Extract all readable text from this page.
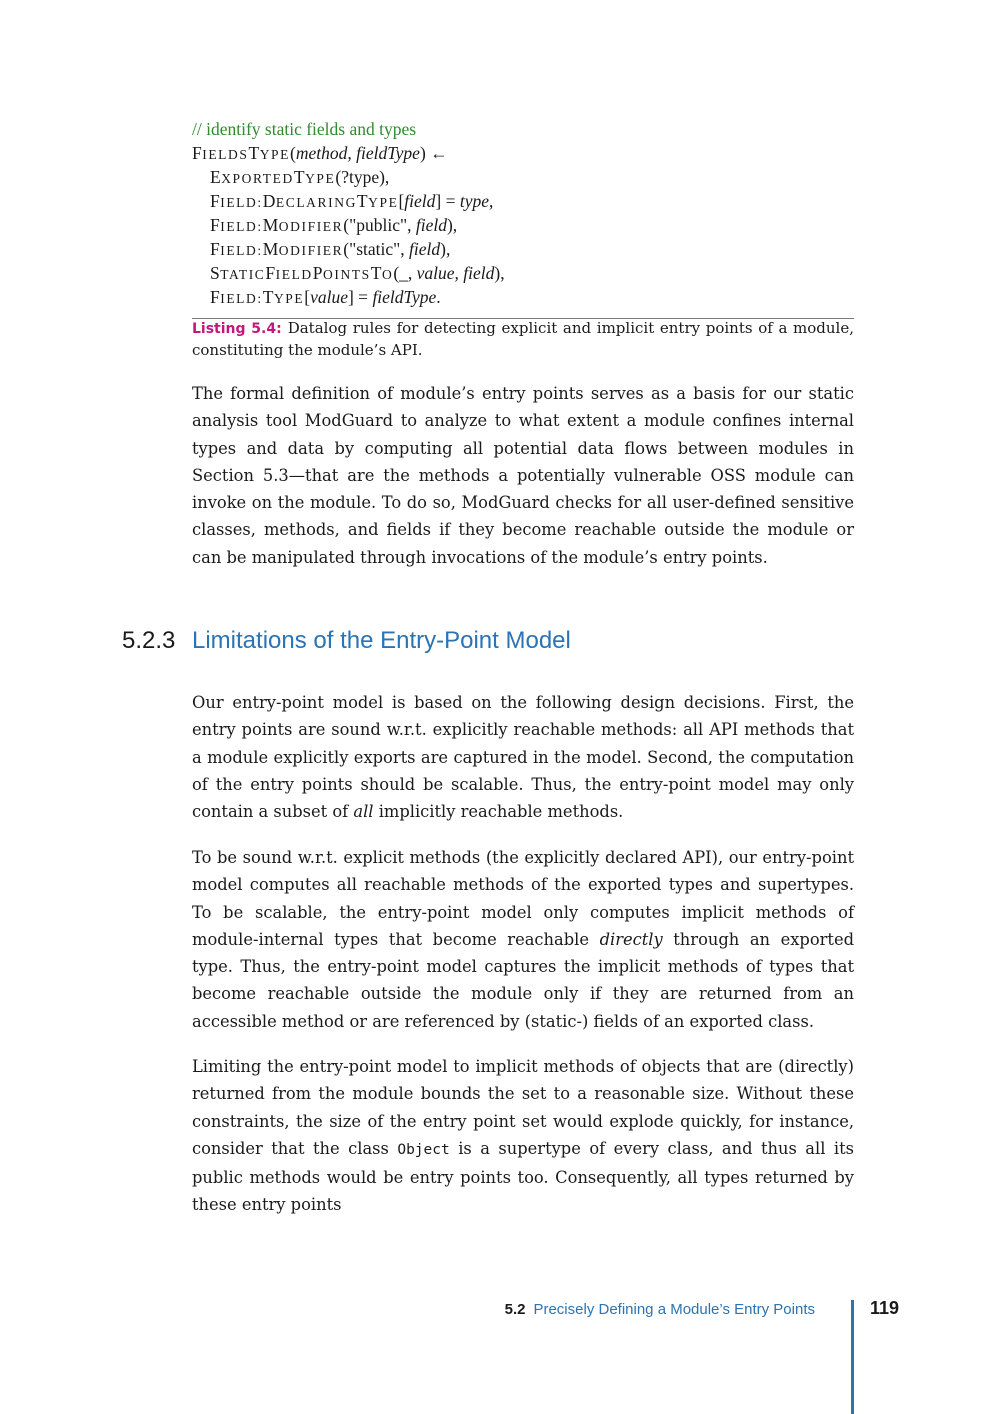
// identify static fields and types
FIELDSTYPE(method, fieldType) ←
EXPORTEDTYPE(?type),
FIELD:DECLARINGTYPE[field] = type,
FIELD:MODIFIER("public", field),
FIELD:MODIFIER("static", field),
STATICFIELDPOINTSTO(_, value, field),
FIELD:TYPE[value] = fieldType.
Listing 5.4: Datalog rules for detecting explicit and implicit entry points of a module, constituting the module’s API.

The formal definition of module’s entry points serves as a basis for our static analysis tool ModGuard to analyze to what extent a module confines internal types and data by computing all potential data flows between modules in Section 5.3—that are the methods a potentially vulnerable OSS module can invoke on the module. To do so, ModGuard checks for all user-defined sensitive classes, methods, and fields if they become reachable outside the module or can be manipulated through invocations of the module’s entry points.

5.2.3 Limitations of the Entry-Point Model

Our entry-point model is based on the following design decisions. First, the entry points are sound w.r.t. explicitly reachable methods: all API methods that a module explicitly exports are captured in the model. Second, the computation of the entry points should be scalable. Thus, the entry-point model may only contain a subset of all implicitly reachable methods.

To be sound w.r.t. explicit methods (the explicitly declared API), our entry-point model computes all reachable methods of the exported types and supertypes. To be scalable, the entry-point model only computes implicit methods of module-internal types that become reachable directly through an exported type. Thus, the entry-point model captures the implicit methods of types that become reachable outside the module only if they are returned from an accessible method or are referenced by (static-) fields of an exported class.

Limiting the entry-point model to implicit methods of objects that are (directly) returned from the module bounds the set to a reasonable size. Without these constraints, the size of the entry point set would explode quickly, for instance, consider that the class Object is a supertype of every class, and thus all its public methods would be entry points too. Consequently, all types returned by these entry points

5.2 Precisely Defining a Module’s Entry Points	119
